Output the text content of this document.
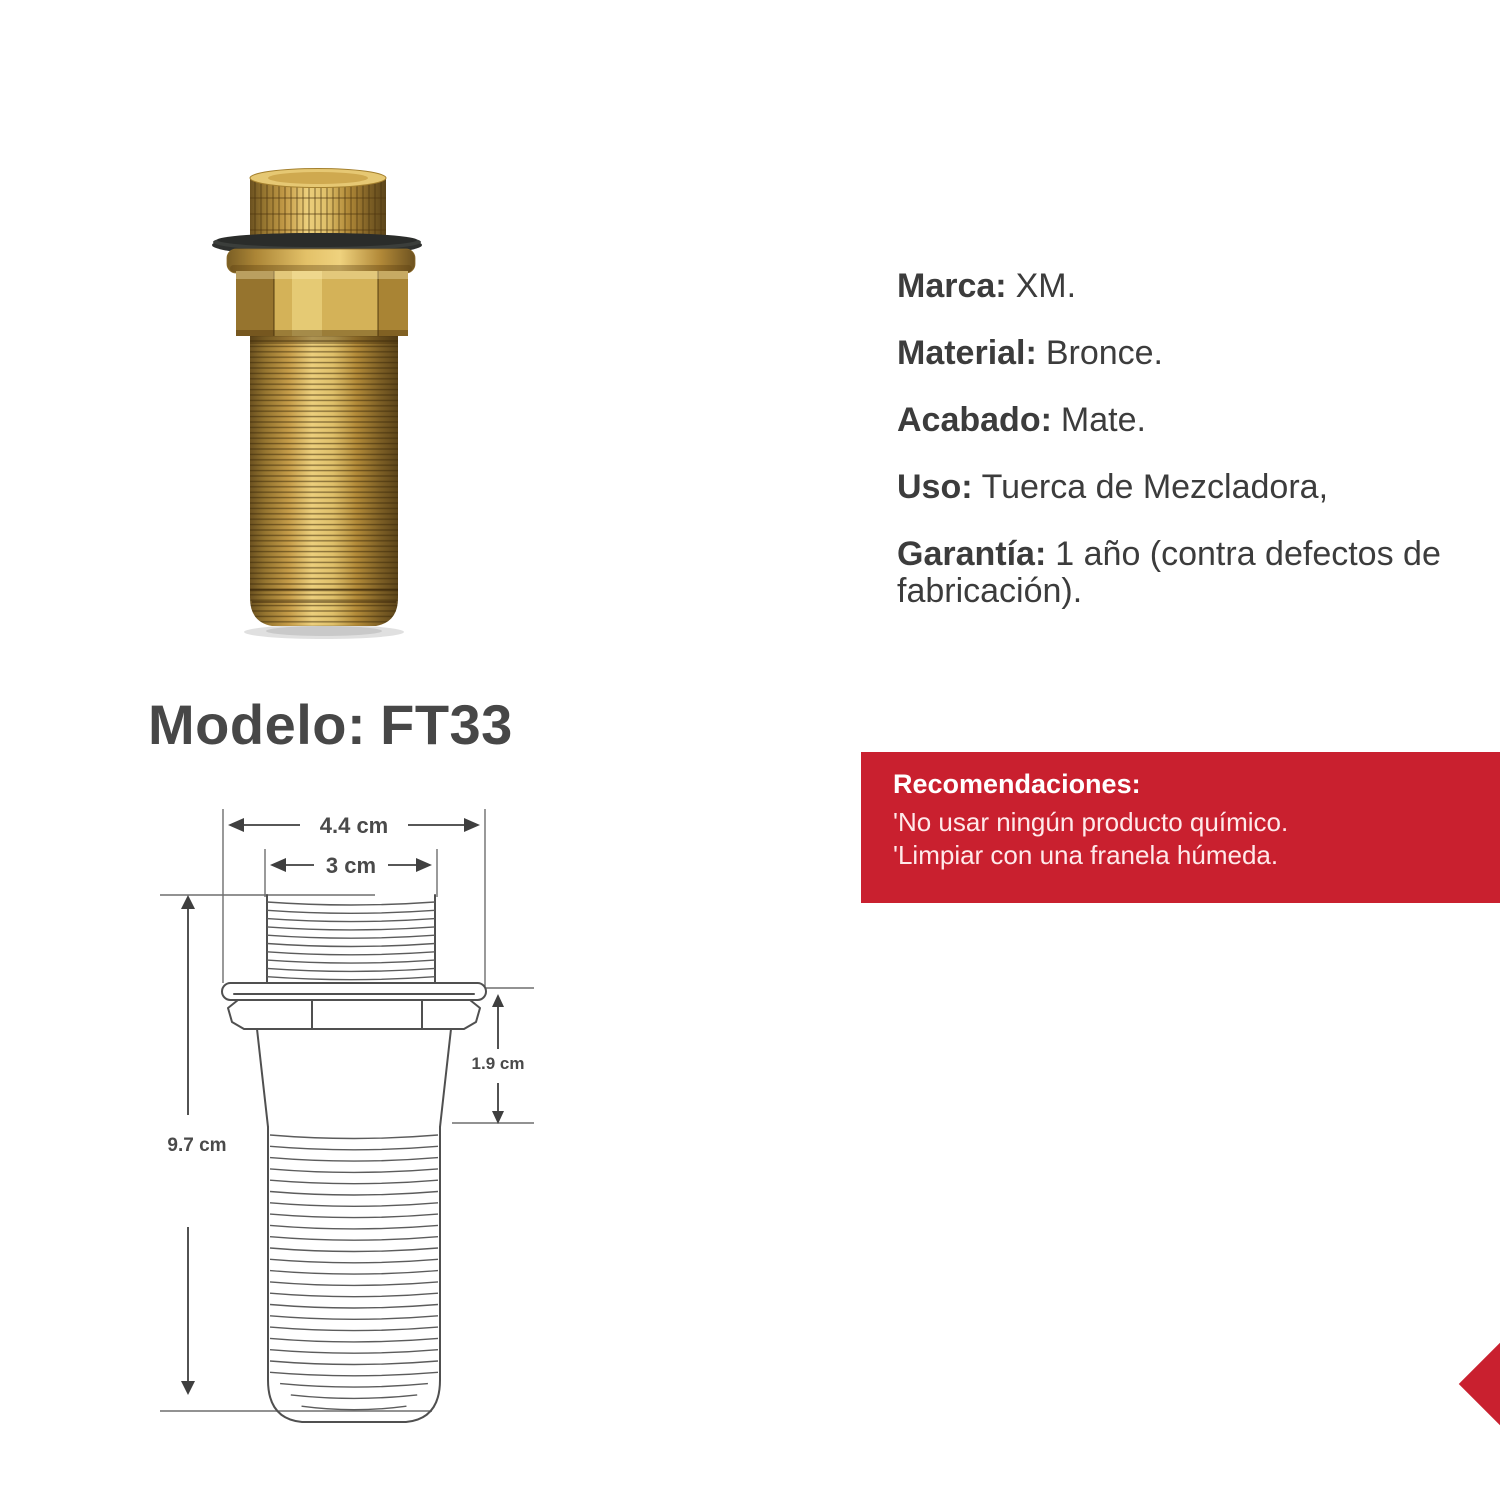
Modelo: FT33
Marca: XM.
Material: Bronce.
Acabado: Mate.
Uso: Tuerca de Mezcladora,
Garantía: 1 año (contra defectos de fabricación).
Recomendaciones:
'No usar ningún producto químico.
'Limpiar con una franela húmeda.
4.4 cm
3 cm
9.7 cm
1.9 cm
